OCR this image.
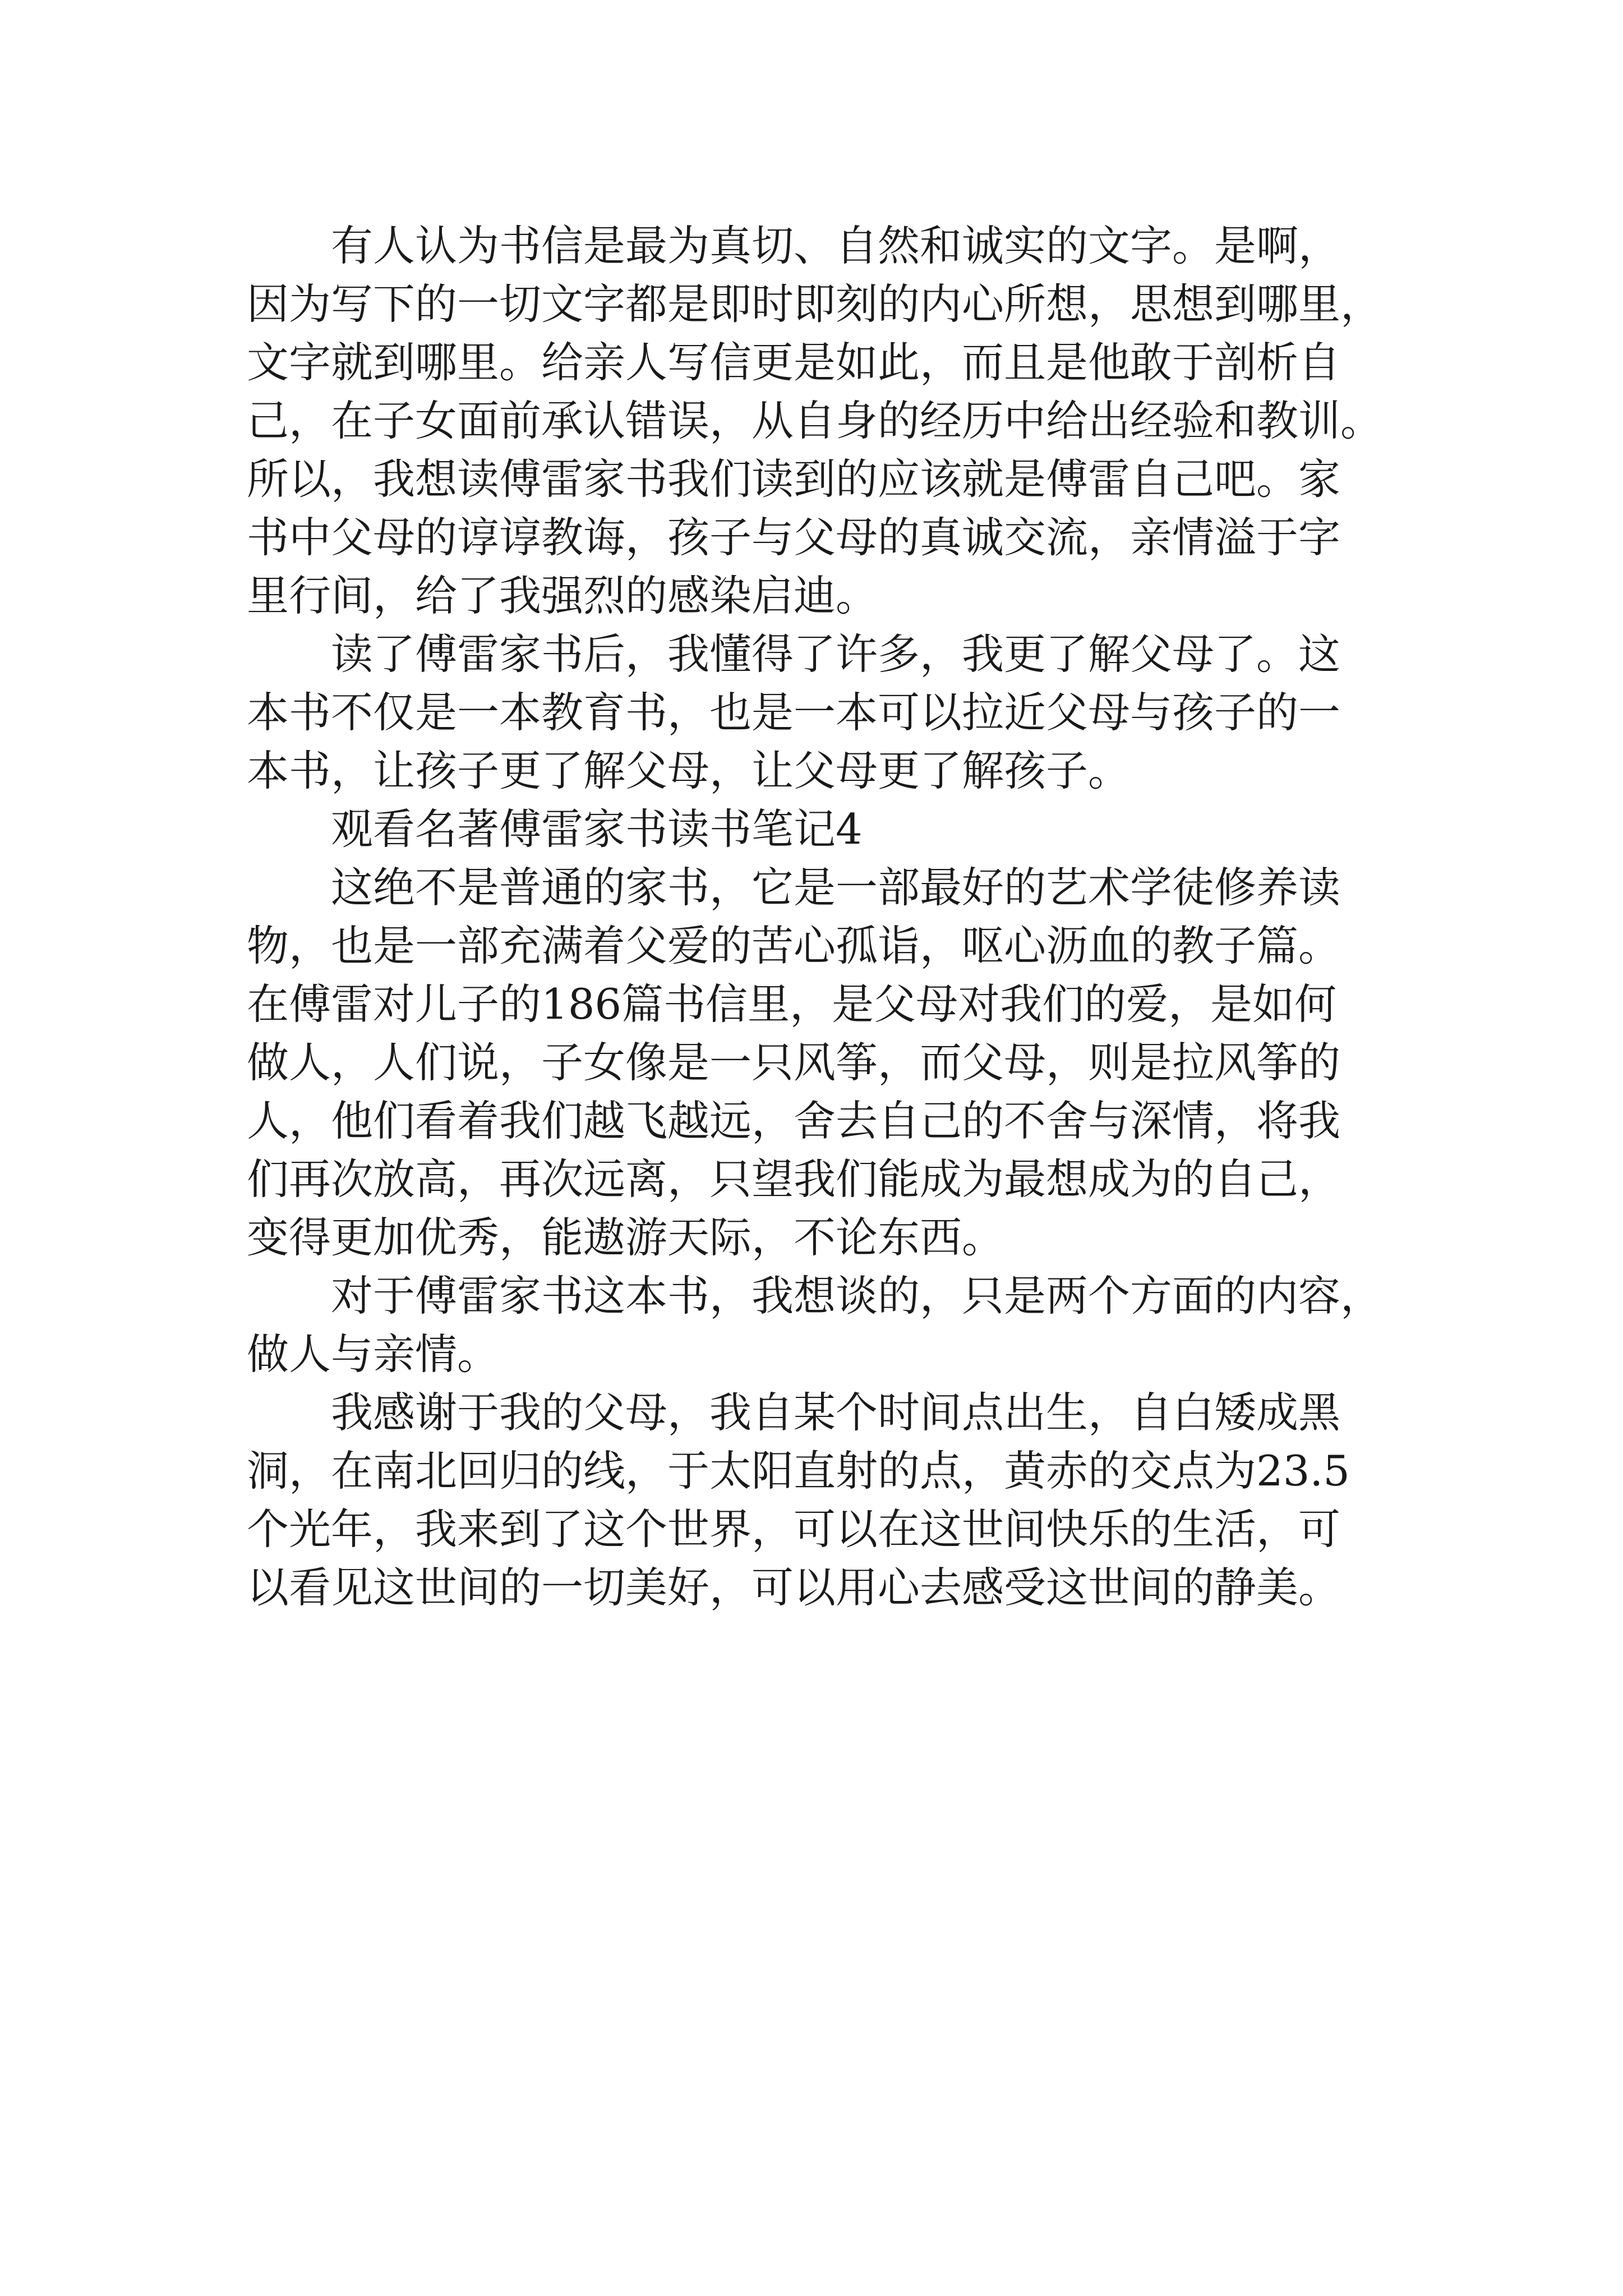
有人认为书信是最为真切、自然和诚实的文字。是啊，
因为写下的一切文字都是即时即刻的内心所想，思想到哪里，
文字就到哪里。给亲人写信更是如此，而且是他敢于剖析自
己，在子女面前承认错误，从自身的经历中给出经验和教训。
所以，我想读傅雷家书我们读到的应该就是傅雷自己吧。家
书中父母的谆谆教诲，孩子与父母的真诚交流，亲情溢于字
里行间，给了我强烈的感染启迪。
读了傅雷家书后，我懂得了许多，我更了解父母了。这
本书不仅是一本教育书，也是一本可以拉近父母与孩子的一
本书，让孩子更了解父母，让父母更了解孩子。
观看名著傅雷家书读书笔记4
这绝不是普通的家书，它是一部最好的艺术学徒修养读
物，也是一部充满着父爱的苦心孤诣，呕心沥血的教子篇。
在傅雷对儿子的186篇书信里，是父母对我们的爱，是如何
做人，人们说，子女像是一只风筝，而父母，则是拉风筝的
人，他们看着我们越飞越远，舍去自己的不舍与深情，将我
们再次放高，再次远离，只望我们能成为最想成为的自己，
变得更加优秀，能遨游天际，不论东西。
对于傅雷家书这本书，我想谈的，只是两个方面的内容，
做人与亲情。
我感谢于我的父母，我自某个时间点出生，自白矮成黑
洞，在南北回归的线，于太阳直射的点，黄赤的交点为23.5
个光年，我来到了这个世界，可以在这世间快乐的生活，可
以看见这世间的一切美好，可以用心去感受这世间的静美。
